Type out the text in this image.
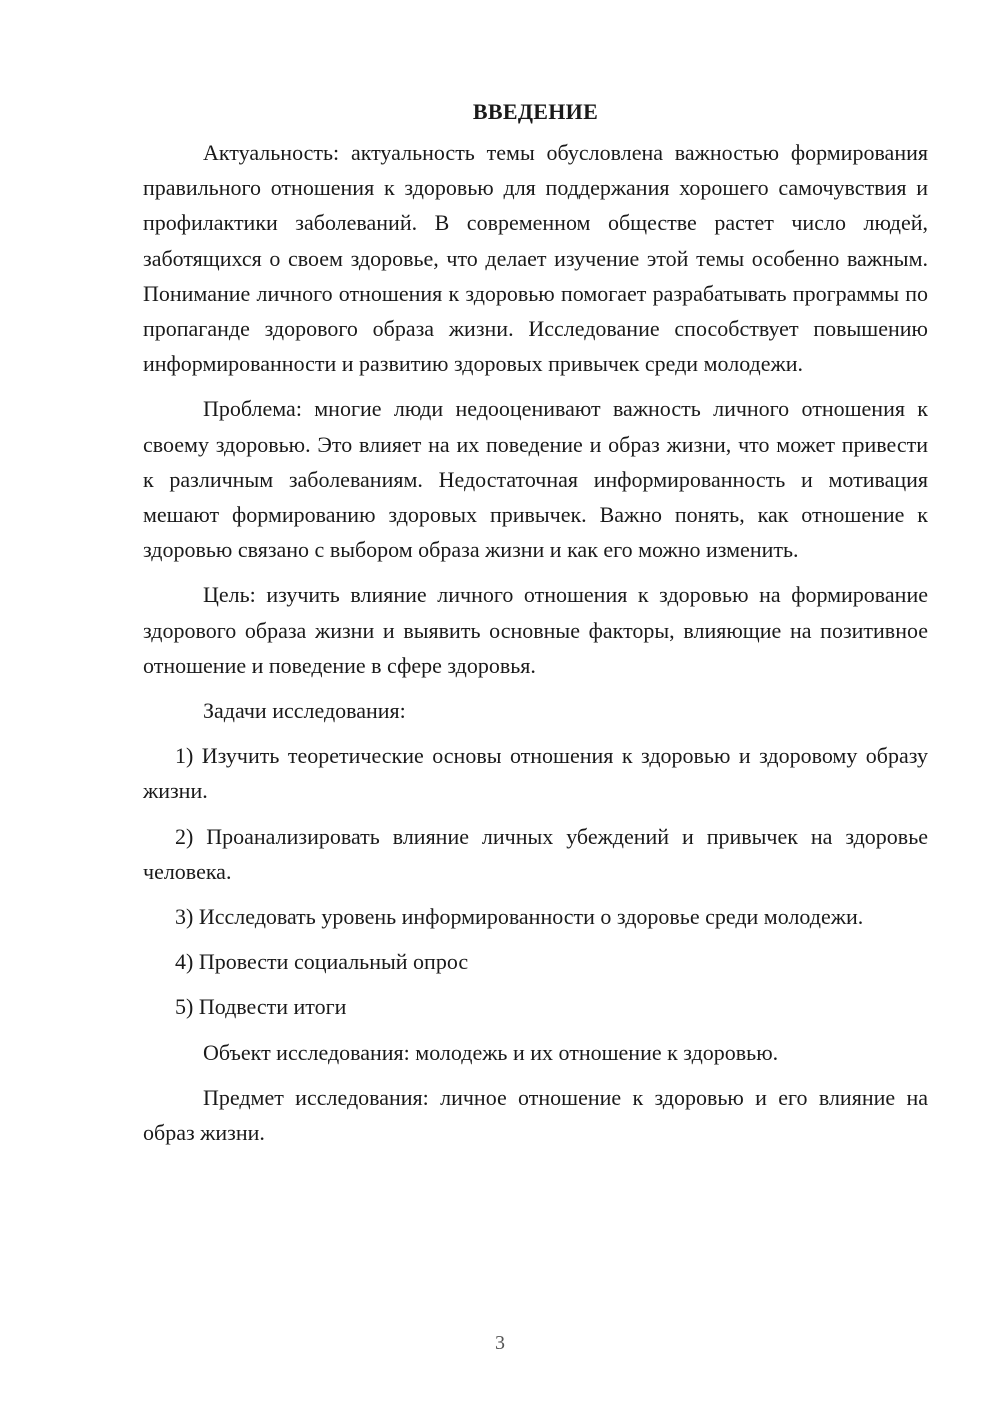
ВВЕДЕНИЕ

Актуальность: актуальность темы обусловлена важностью формирования правильного отношения к здоровью для поддержания хорошего самочувствия и профилактики заболеваний. В современном обществе растет число людей, заботящихся о своем здоровье, что делает изучение этой темы особенно важным. Понимание личного отношения к здоровью помогает разрабатывать программы по пропаганде здорового образа жизни. Исследование способствует повышению информированности и развитию здоровых привычек среди молодежи.

Проблема: многие люди недооценивают важность личного отношения к своему здоровью. Это влияет на их поведение и образ жизни, что может привести к различным заболеваниям. Недостаточная информированность и мотивация мешают формированию здоровых привычек. Важно понять, как отношение к здоровью связано с выбором образа жизни и как его можно изменить.

Цель: изучить влияние личного отношения к здоровью на формирование здорового образа жизни и выявить основные факторы, влияющие на позитивное отношение и поведение в сфере здоровья.

Задачи исследования:

1) Изучить теоретические основы отношения к здоровью и здоровому образу жизни.

2) Проанализировать влияние личных убеждений и привычек на здоровье человека.

3) Исследовать уровень информированности о здоровье среди молодежи.

4) Провести социальный опрос

5) Подвести итоги

Объект исследования: молодежь и их отношение к здоровью.

Предмет исследования: личное отношение к здоровью и его влияние на образ жизни.

3
